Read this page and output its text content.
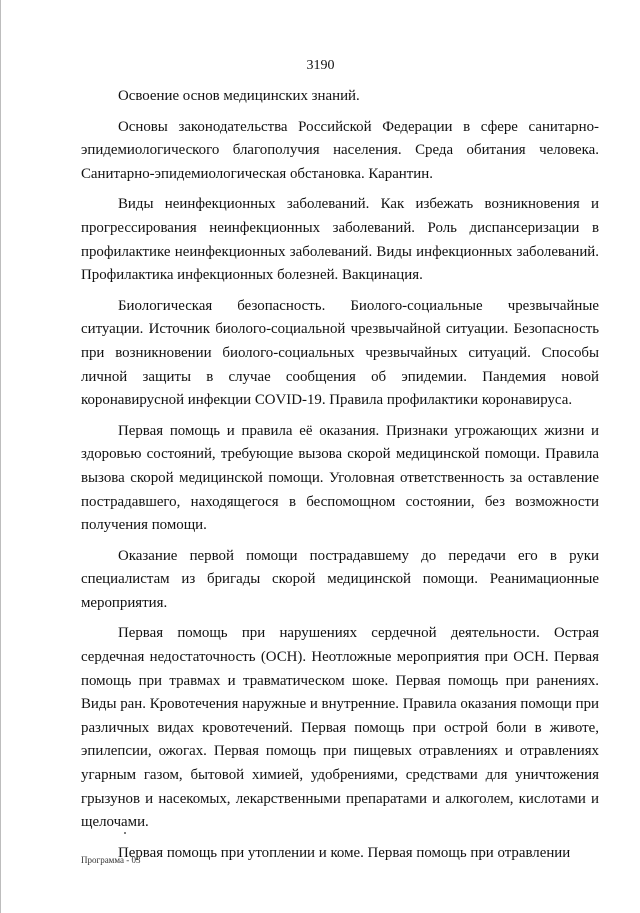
3190

Освоение основ медицинских знаний.

Основы законодательства Российской Федерации в сфере санитарно-эпидемиологического благополучия населения. Среда обитания человека. Санитарно-эпидемиологическая обстановка. Карантин.

Виды неинфекционных заболеваний. Как избежать возникновения и прогрессирования неинфекционных заболеваний. Роль диспансеризации в профилактике неинфекционных заболеваний. Виды инфекционных заболеваний. Профилактика инфекционных болезней. Вакцинация.

Биологическая безопасность. Биолого-социальные чрезвычайные ситуации. Источник биолого-социальной чрезвычайной ситуации. Безопасность при возникновении биолого-социальных чрезвычайных ситуаций. Способы личной защиты в случае сообщения об эпидемии. Пандемия новой коронавирусной инфекции COVID-19. Правила профилактики коронавируса.

Первая помощь и правила её оказания. Признаки угрожающих жизни и здоровью состояний, требующие вызова скорой медицинской помощи. Правила вызова скорой медицинской помощи. Уголовная ответственность за оставление пострадавшего, находящегося в беспомощном состоянии, без возможности получения помощи.

Оказание первой помощи пострадавшему до передачи его в руки специалистам из бригады скорой медицинской помощи. Реанимационные мероприятия.

Первая помощь при нарушениях сердечной деятельности. Острая сердечная недостаточность (ОСН). Неотложные мероприятия при ОСН. Первая помощь при травмах и травматическом шоке. Первая помощь при ранениях. Виды ран. Кровотечения наружные и внутренние. Правила оказания помощи при различных видах кровотечений. Первая помощь при острой боли в животе, эпилепсии, ожогах. Первая помощь при пищевых отравлениях и отравлениях угарным газом, бытовой химией, удобрениями, средствами для уничтожения грызунов и насекомых, лекарственными препаратами и алкоголем, кислотами и щелочами.

Первая помощь при утоплении и коме. Первая помощь при отравлении

Программа - 03
